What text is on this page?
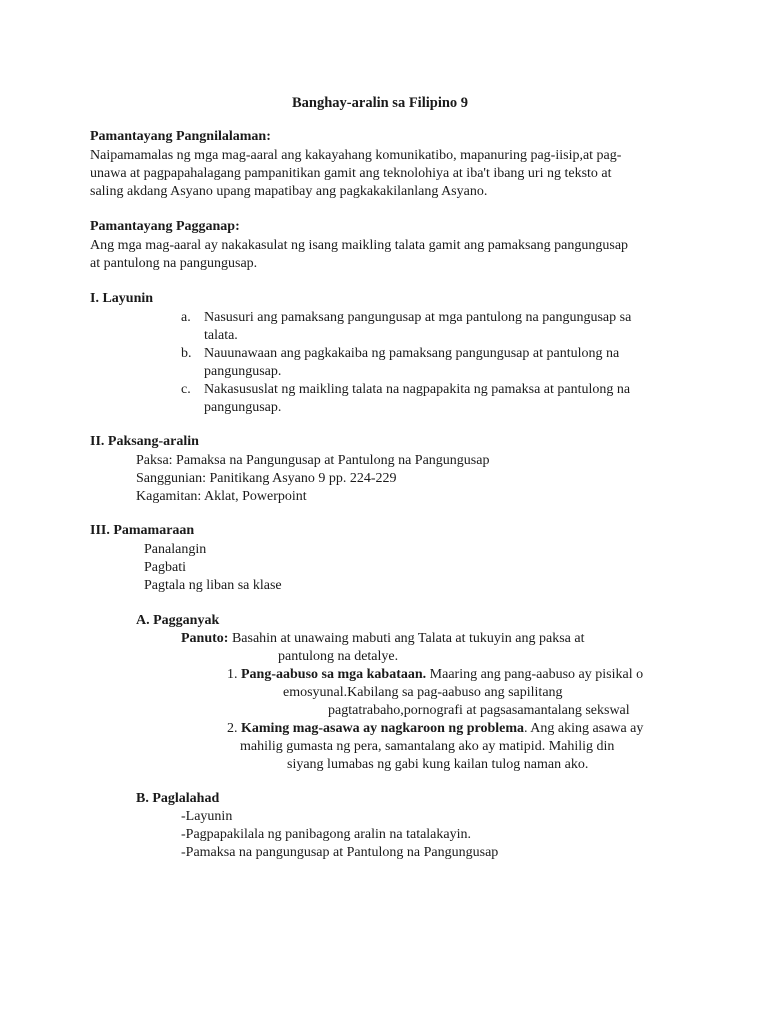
Banghay-aralin sa Filipino 9
Pamantayang Pangnilalaman:
Naipamamalas ng mga mag-aaral ang kakayahang komunikatibo, mapanuring pag-iisip,at pag-
unawa at pagpapahalagang pampanitikan gamit ang teknolohiya at iba't ibang uri ng teksto at
saling akdang Asyano upang mapatibay ang pagkakakilanlang Asyano.
Pamantayang Pagganap:
Ang mga mag-aaral ay nakakasulat ng isang maikling talata gamit ang pamaksang pangungusap
at pantulong na pangungusap.
I. Layunin
a. Nasusuri ang pamaksang pangungusap at mga pantulong na pangungusap sa
talata.
b. Nauunawaan ang pagkakaiba ng pamaksang pangungusap at pantulong na
pangungusap.
c. Nakasususlat ng maikling talata na nagpapakita ng pamaksa at pantulong na
pangungusap.
II. Paksang-aralin
Paksa: Pamaksa na Pangungusap at Pantulong na Pangungusap
Sanggunian: Panitikang Asyano 9 pp. 224-229
Kagamitan: Aklat, Powerpoint
III. Pamamaraan
Panalangin
Pagbati
Pagtala ng liban sa klase
A. Pagganyak
Panuto: Basahin at unawaing mabuti ang Talata at tukuyin ang paksa at
pantulong na detalye.
1. Pang-aabuso sa mga kabataan. Maaring ang pang-aabuso ay pisikal o
emosyunal.Kabilang sa pag-aabuso ang sapilitang
pagtatrabaho,pornografi at pagsasamantalang sekswal
2. Kaming mag-asawa ay nagkaroon ng problema. Ang aking asawa ay
mahilig gumasta ng pera, samantalang ako ay matipid. Mahilig din
siyang lumabas ng gabi kung kailan tulog naman ako.
B. Paglalahad
-Layunin
-Pagpapakilala ng panibagong aralin na tatalakayin.
-Pamaksa na pangungusap at Pantulong na Pangungusap
